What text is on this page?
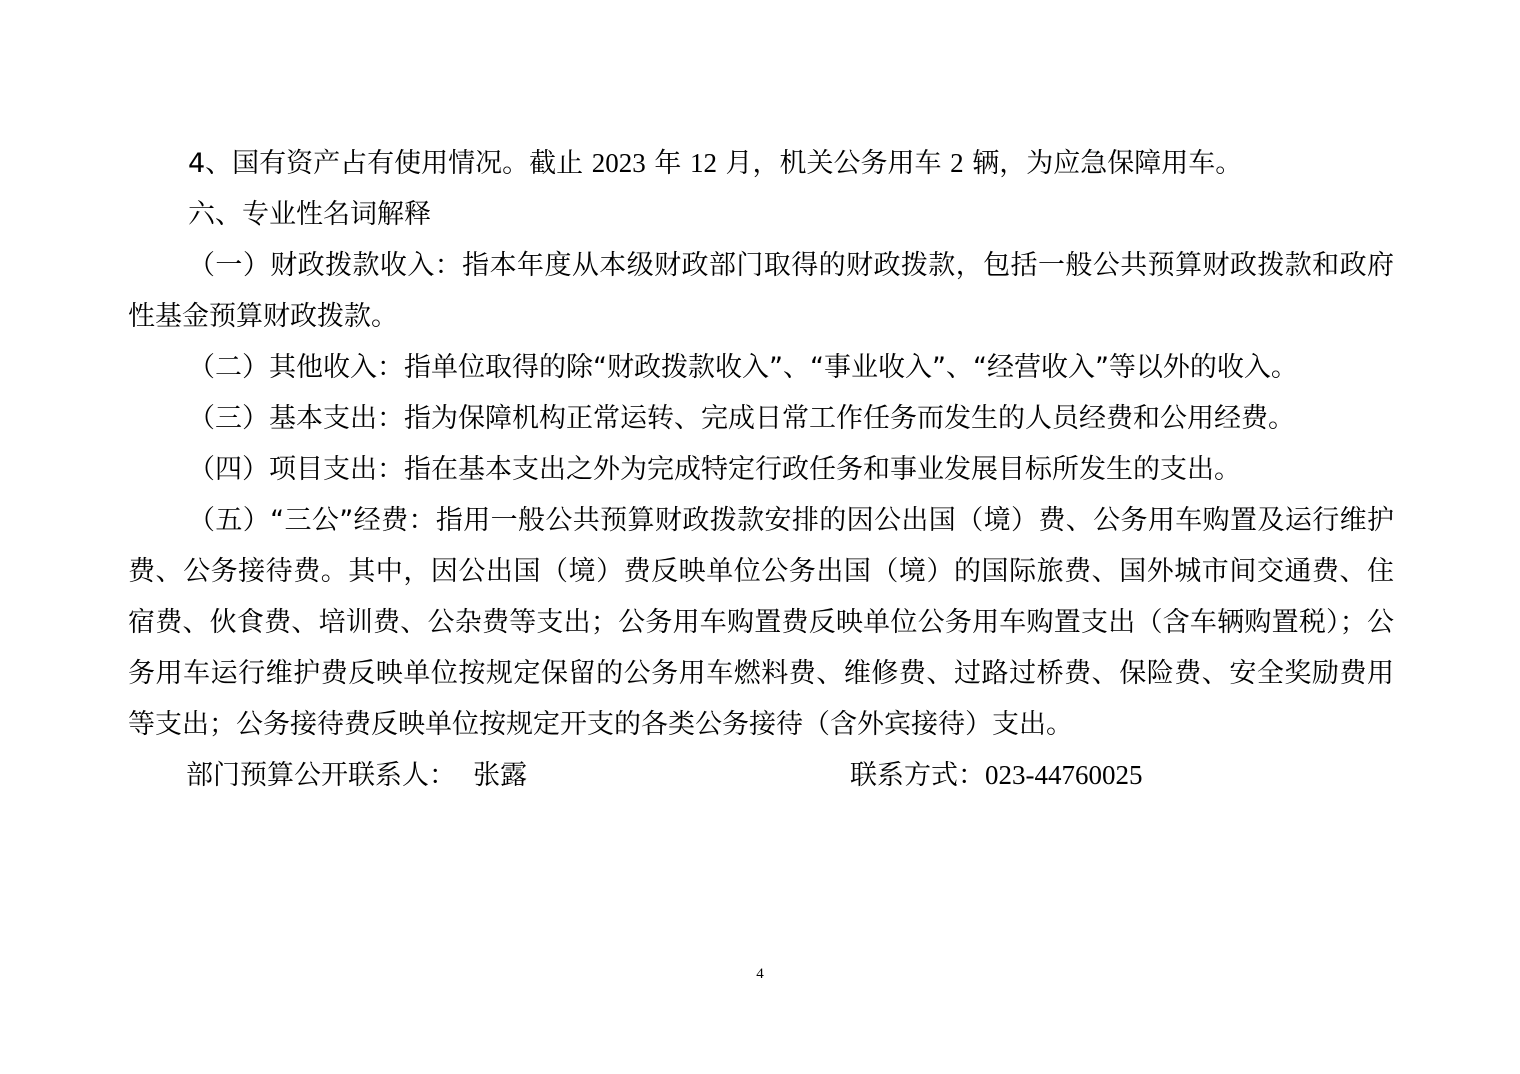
4、国有资产占有使用情况。截止 2023 年 12 月，机关公务用车 2 辆，为应急保障用车。

六、专业性名词解释

（一）财政拨款收入：指本年度从本级财政部门取得的财政拨款，包括一般公共预算财政拨款和政府性基金预算财政拨款。

（二）其他收入：指单位取得的除“财政拨款收入”、“事业收入”、“经营收入”等以外的收入。

（三）基本支出：指为保障机构正常运转、完成日常工作任务而发生的人员经费和公用经费。

（四）项目支出：指在基本支出之外为完成特定行政任务和事业发展目标所发生的支出。

（五）“三公”经费：指用一般公共预算财政拨款安排的因公出国（境）费、公务用车购置及运行维护费、公务接待费。其中，因公出国（境）费反映单位公务出国（境）的国际旅费、国外城市间交通费、住宿费、伙食费、培训费、公杂费等支出；公务用车购置费反映单位公务用车购置支出（含车辆购置税）；公务用车运行维护费反映单位按规定保留的公务用车燃料费、维修费、过路过桥费、保险费、安全奖励费用等支出；公务接待费反映单位按规定开支的各类公务接待（含外宾接待）支出。

部门预算公开联系人： 张露	联系方式：023-44760025
4
